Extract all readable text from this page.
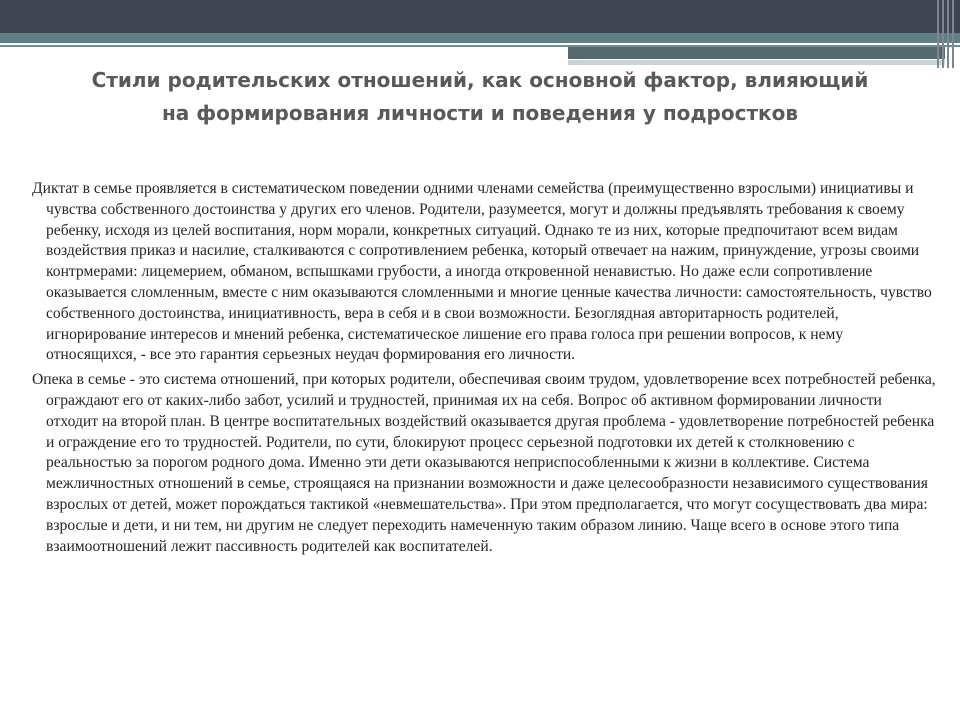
Стили родительских отношений, как основной фактор, влияющий на формирования личности и поведения у подростков

Диктат в семье проявляется в систематическом поведении одними членами семейства (преимущественно взрослыми) инициативы и чувства собственного достоинства у других его членов. Родители, разумеется, могут и должны предъявлять требования к своему ребенку, исходя из целей воспитания, норм морали, конкретных ситуаций. Однако те из них, которые предпочитают всем видам воздействия приказ и насилие, сталкиваются с сопротивлением ребенка, который отвечает на нажим, принуждение, угрозы своими контрмерами: лицемерием, обманом, вспышками грубости, а иногда откровенной ненавистью. Но даже если сопротивление оказывается сломленным, вместе с ним оказываются сломленными и многие ценные качества личности: самостоятельность, чувство собственного достоинства, инициативность, вера в себя и в свои возможности. Безоглядная авторитарность родителей, игнорирование интересов и мнений ребенка, систематическое лишение его права голоса при решении вопросов, к нему относящихся, - все это гарантия серьезных неудач формирования его личности.

Опека в семье - это система отношений, при которых родители, обеспечивая своим трудом, удовлетворение всех потребностей ребенка, ограждают его от каких-либо забот, усилий и трудностей, принимая их на себя. Вопрос об активном формировании личности отходит на второй план. В центре воспитательных воздействий оказывается другая проблема - удовлетворение потребностей ребенка и ограждение его то трудностей. Родители, по сути, блокируют процесс серьезной подготовки их детей к столкновению с реальностью за порогом родного дома. Именно эти дети оказываются неприспособленными к жизни в коллективе. Система межличностных отношений в семье, строящаяся на признании возможности и даже целесообразности независимого существования взрослых от детей, может порождаться тактикой «невмешательства». При этом предполагается, что могут сосуществовать два мира: взрослые и дети, и ни тем, ни другим не следует переходить намеченную таким образом линию. Чаще всего в основе этого типа взаимоотношений лежит пассивность родителей как воспитателей.
